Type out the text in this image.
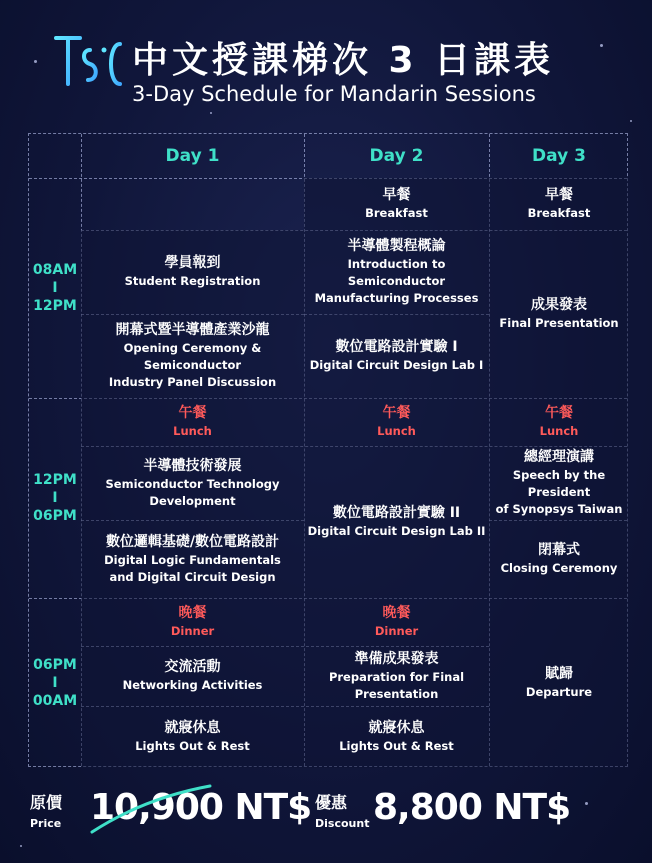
中文授課梯次 3 日課表
3-Day Schedule for Mandarin Sessions
Day 1	Day 2	Day 3
08AM
I
12PM
12PM
I
06PM
06PM
I
00AM
早餐
Breakfast
早餐
Breakfast
學員報到
Student Registration
開幕式暨半導體產業沙龍
Opening Ceremony & Semiconductor
Industry Panel Discussion
半導體製程概論
Introduction to Semiconductor
Manufacturing Processes
數位電路設計實驗 I
Digital Circuit Design Lab I
成果發表
Final Presentation
午餐
Lunch
午餐
Lunch
午餐
Lunch
半導體技術發展
Semiconductor Technology Development
數位邏輯基礎/數位電路設計
Digital Logic Fundamentals
and Digital Circuit Design
數位電路設計實驗 II
Digital Circuit Design Lab II
總經理演講
Speech by the President
of Synopsys Taiwan
閉幕式
Closing Ceremony
晚餐
Dinner
晚餐
Dinner
交流活動
Networking Activities
準備成果發表
Preparation for Final Presentation
賦歸
Departure
就寢休息
Lights Out & Rest
就寢休息
Lights Out & Rest
原價
Price 10,900 NT$ 優惠
Discount 8,800 NT$
